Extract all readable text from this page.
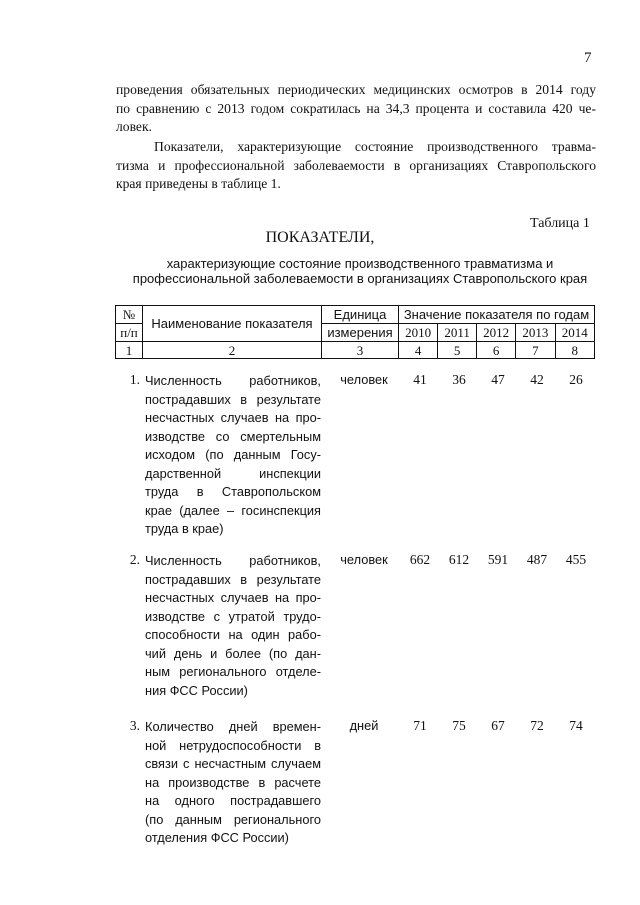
7
проведения обязательных периодических медицинских осмотров в 2014 году
по сравнению с 2013 годом сократилась на 34,3 процента и составила 420 че-
ловек.
Показатели, характеризующие состояние производственного травма-
тизма и профессиональной заболеваемости в организациях Ставропольского
края приведены в таблице 1.
Таблица 1
ПОКАЗАТЕЛИ,
характеризующие состояние производственного травматизма и
профессиональной заболеваемости в организациях Ставропольского края
№	Наименование показателя	Единица	Значение показателя по годам				
п/п		измерения	2010	2011	2012	2013	2014
1	2	3	4	5	6	7	8
1. Численность работников,
пострадавших в результате
несчастных случаев на про-
изводстве со смертельным
исходом (по данным Госу-
дарственной инспекции
труда в Ставропольском
крае (далее – госинспекция
труда в крае)
человек	41	36	47	42	26
2. Численность работников,
пострадавших в результате
несчастных случаев на про-
изводстве с утратой трудо-
способности на один рабо-
чий день и более (по дан-
ным регионального отделе-
ния ФСС России)
человек	662	612	591	487	455
3. Количество дней времен-
ной нетрудоспособности в
связи с несчастным случаем
на производстве в расчете
на одного пострадавшего
(по данным регионального
отделения ФСС России)
дней	71	75	67	72	74
